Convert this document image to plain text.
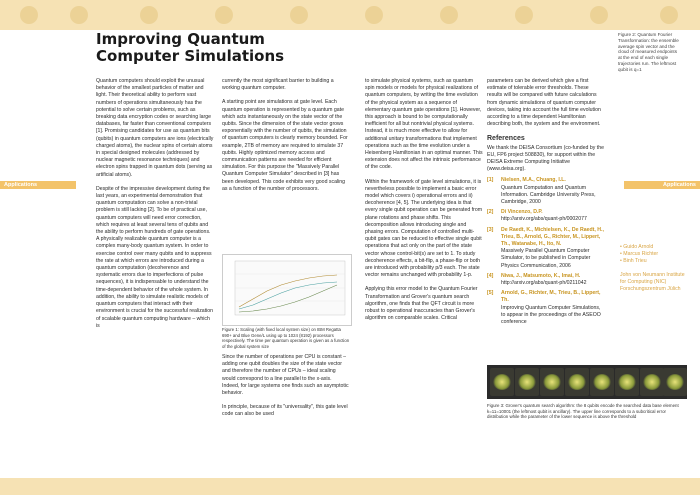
Applications	Applications
Improving Quantum Computer Simulations

Quantum computers should exploit the unusual behavior of the smallest particles of matter and light. Their theoretical ability to perform vast numbers of operations simultaneously has the potential to solve certain problems, such as breaking data encryption codes or searching large databases, far faster than conventional computers [1]. Promising candidates for use as quantum bits (qubits) in quantum computers are ions (electrically charged atoms), the nuclear spins of certain atoms in special designed molecules (addressed by nuclear magnetic resonance techniques) and electron spins trapped in quantum dots (serving as artificial atoms).

Despite of the impressive development during the last years, an experimental demonstration that quantum computation can solve a non-trivial problem is still lacking [2]. To be of practical use, quantum computers will need error correction, which requires at least several tens of qubits and the ability to perform hundreds of gate operations. A physically realizable quantum computer is a complex many-body quantum system. In order to exercise control over many qubits and to suppress the rate at which errors are introduced during a quantum computation (decoherence and systematic errors due to imperfections of pulse sequences), it is indispensable to understand the time-dependent behavior of the whole system. In addition, the ability to simulate realistic models of quantum computers that interact with their environment is crucial for the successful realization of scalable quantum computing hardware – which is

currently the most significant barrier to building a working quantum computer.

A starting point are simulations at gate level. Each quantum operation is represented by a quantum gate which acts instantaneously on the state vector of the qubits. Since the dimension of the state vector grows exponentially with the number of qubits, the simulation of quantum computers is clearly memory bounded. For example, 2TB of memory are required to simulate 37 qubits. Highly optimized memory access and communication patterns are needed for efficient simulation. For this purpose the "Massively Parallel Quantum Computer Simulator" described in [3] has been developed. This code exhibits very good scaling as a function of the number of processors.

Figure 1: Scaling (with fixed local system size) on IBM Regatta 690+ and Blue Gene/L using up to 1024 (8192) processors respectively. The time per quantum operation is given as a function of the global system size

Since the number of operations per CPU is constant – adding one qubit doubles the size of the state vector and therefore the number of CPUs – ideal scaling would correspond to a line parallel to the x-axis. Indeed, for large systems one finds such an asymptotic behavior.

In principle, because of its "universality", this gate level code can also be used

to simulate physical systems, such as quantum spin models or models for physical realizations of quantum computers, by writing the time evolution of the physical system as a sequence of elementary quantum gate operations [1]. However, this approach is bound to be computationally inefficient for all but nontrivial physical systems. Instead, it is much more effective to allow for additional unitary transformations that implement operations such as the time evolution under a Heisenberg Hamiltonian in an optimal manner. This extension does not affect the intrinsic performance of the code.

Within the framework of gate level simulations, it is nevertheless possible to implement a basic error model which covers i) operational errors and ii) decoherence [4, 5]. The underlying idea is that every single qubit operation can be generated from plane rotations and phase shifts. This decomposition allows introducing single and phasing errors. Computation of controlled multi-qubit gates can be reduced to effective single qubit operations that act only on the part of the state vector whose control-bit(s) are set to 1. To study decoherence effects, a bit-flip, a phase-flip or both are introduced with probability p/3 each. The state vector remains unchanged with probability 1-p.

Applying this error model to the Quantum Fourier Transformation and Grover's quantum search algorithm, one finds that the QFT circuit is more robust to operational inaccuracies than Grover's algorithm on comparable scales. Critical

parameters can be derived which give a first estimate of tolerable error thresholds. These results will be compared with future calculations from dynamic simulations of quantum computer devices, taking into account the full time evolution according to a time dependent Hamiltonian describing both, the system and the environment.

References

We thank the DEISA Consortium (co-funded by the EU, FP6 project 508830), for support within the DEISA Extreme Computing Initiative (www.deisa.org).

[1]	Nielsen, M.A., Chuang, I.L.
Quantum Computation and Quantum Information. Cambridge University Press, Cambridge, 2000
[2]	Di Vincenzo, D.P.
http://arxiv.org/abs/quant-ph/0002077
[3]	De Raedt, K., Michielsen, K., De Raedt, H., Trieu, B., Arnold, G., Richter, M., Lippert, Th., Watanabe, H., Ito, N.
Massively Parallel Quantum Computer Simulator, to be published in Computer Physics Communication, 2006
[4]	Niwa, J., Matsumoto, K., Imai, H.
http://arxiv.org/abs/quant-ph/0211042
[5]	Arnold, G., Richter, M., Trieu, B., Lippert, Th.
Improving Quantum Computer Simulations, to appear in the proceedings of the ASEOO conference
Figure 2: Quantum Fourier Transformation: the ensemble average spin vector and the cloud of measured endpoints at the end of each single trajectories run. The leftmost qubit is q=1
• Guido Arnold
• Marcus Richter
• Binh Trieu
John von Neumann Institute for Computing (NIC) Forschungszentrum Jülich
Figure 3: Grover's quantum search algorithm: the 8 qubits encode the searched data base element k=11=10001 (the leftmost qubit is ancillary). The upper line corresponds to a subcritical error distribution while the parameter of the lower sequence is above the threshold
